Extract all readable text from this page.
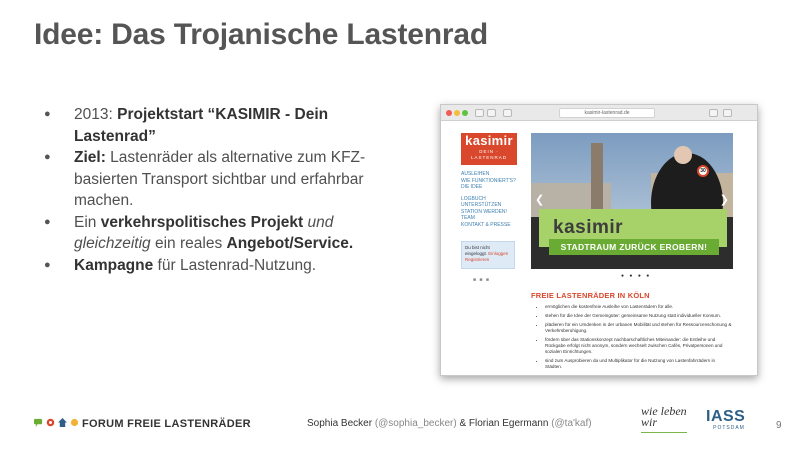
Idee: Das Trojanische Lastenrad
● 2013: Projektstart “KASIMIR - Dein Lastenrad”
● Ziel: Lastenräder als alternative zum KFZ-basierten Transport sichtbar und erfahrbar machen.
● Ein verkehrspolitisches Projekt und gleichzeitig ein reales Angebot/Service.
● Kampagne für Lastenrad-Nutzung.
kasimir-lastenrad.de
kasimir
DEIN · LASTENRAD
AUSLEIHEN
WIE FUNKTIONIERT'S?
DIE IDEE
LOGBUCH
UNTERSTÜTZEN
STATION WERDEN!
TEAM
KONTAKT & PRESSE
Du bist nicht eingeloggt. Einloggen
Registrieren
■ ■ ■
30
kasimir
STADTRAUM ZURÜCK EROBERN!
❮	❯
● ● ● ●
FREIE LASTENRÄDER IN KÖLN
• ermöglichen die kostenfreie Ausleihe von Lastenrädern für alle.
• stehen für die Idee der Gemeingüter: gemeinsame Nutzung statt individueller Konsum.
• plädieren für ein Umdenken in der urbanen Mobilität und stehen für Ressourcenschonung & Verkehrsberuhigung.
• fördern über das Stationskonzept nachbarschaftliches Miteinander: die Entleihe und Rückgabe erfolgt nicht anonym, sondern wechselt zwischen Cafés, Privatpersonen und sozialen Einrichtungen.
• sind zum Ausprobieren da und Multiplikator für die Nutzung von Lastenfahrrädern in Städten.
FORUM FREIE LASTENRÄDER	Sophia Becker (@sophia_becker) & Florian Egermann (@ta'kaf)
wie leben
wir	IASS
POTSDAM	9
